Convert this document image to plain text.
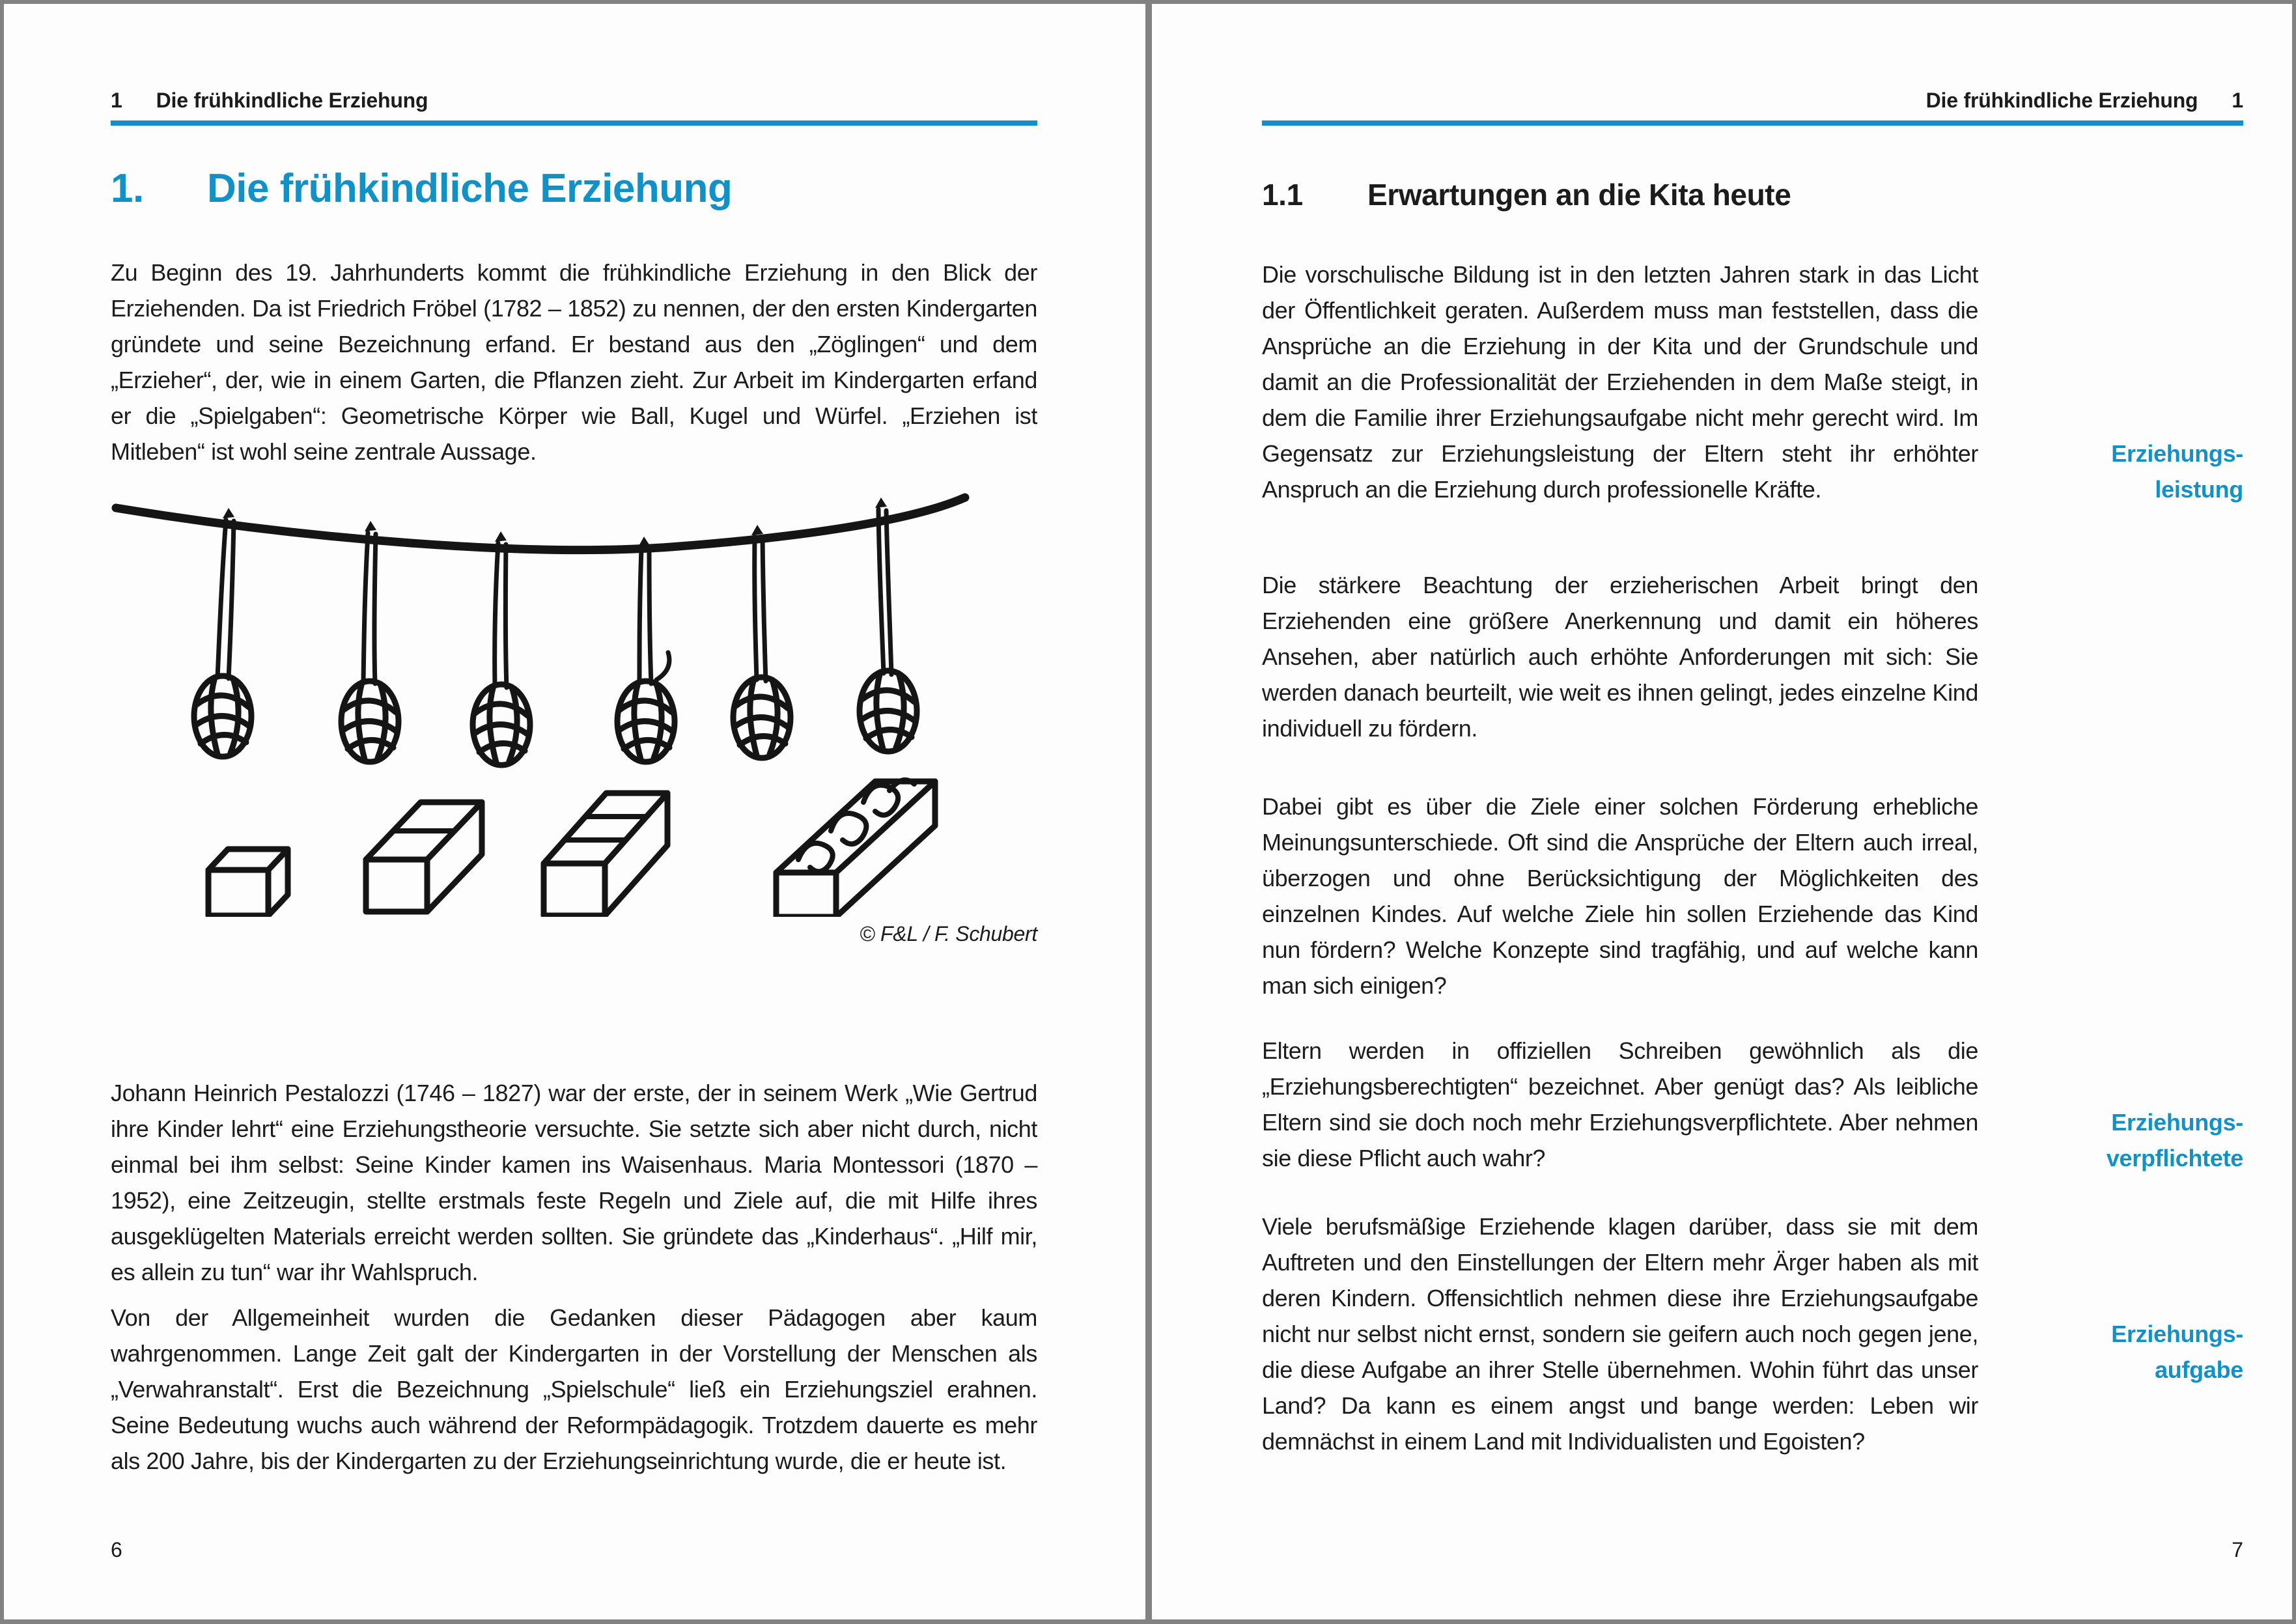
1 Die frühkindliche Erziehung
1.	Die frühkindliche Erziehung

Zu Beginn des 19. Jahrhunderts kommt die frühkindliche Erziehung in den Blick der Erziehenden. Da ist Friedrich Fröbel (1782 – 1852) zu nennen, der den ersten Kindergarten gründete und seine Bezeichnung erfand. Er bestand aus den „Zöglingen“ und dem „Erzieher“, der, wie in einem Garten, die Pflanzen zieht. Zur Arbeit im Kindergarten erfand er die „Spielgaben“: Geometrische Körper wie Ball, Kugel und Würfel. „Erziehen ist Mitleben“ ist wohl seine zentrale Aussage.

© F&L / F. Schubert

Johann Heinrich Pestalozzi (1746 – 1827) war der erste, der in seinem Werk „Wie Gertrud ihre Kinder lehrt“ eine Erziehungstheorie versuchte. Sie setzte sich aber nicht durch, nicht einmal bei ihm selbst: Seine Kinder kamen ins Waisenhaus. Maria Montessori (1870 – 1952), eine Zeitzeugin, stellte erstmals feste Regeln und Ziele auf, die mit Hilfe ihres ausgeklügelten Materials erreicht werden sollten. Sie gründete das „Kinderhaus“. „Hilf mir, es allein zu tun“ war ihr Wahlspruch.

Von der Allgemeinheit wurden die Gedanken dieser Pädagogen aber kaum wahrgenommen. Lange Zeit galt der Kindergarten in der Vorstellung der Menschen als „Verwahranstalt“. Erst die Bezeichnung „Spielschule“ ließ ein Erziehungsziel erahnen. Seine Bedeutung wuchs auch während der Reformpädagogik. Trotzdem dauerte es mehr als 200 Jahre, bis der Kindergarten zu der Erziehungseinrichtung wurde, die er heute ist.

6
Die frühkindliche Erziehung 1
1.1	Erwartungen an die Kita heute

Die vorschulische Bildung ist in den letzten Jahren stark in das Licht der Öffentlichkeit geraten. Außerdem muss man feststellen, dass die Ansprüche an die Erziehung in der Kita und der Grundschule und damit an die Professionalität der Erziehenden in dem Maße steigt, in dem die Familie ihrer Erziehungsaufgabe nicht mehr gerecht wird. Im Gegensatz zur Erziehungsleistung der Eltern steht ihr erhöhter Anspruch an die Erziehung durch professionelle Kräfte.

Erziehungs-
leistung

Die stärkere Beachtung der erzieherischen Arbeit bringt den Erziehenden eine größere Anerkennung und damit ein höheres Ansehen, aber natürlich auch erhöhte Anforderungen mit sich: Sie werden danach beurteilt, wie weit es ihnen gelingt, jedes einzelne Kind individuell zu fördern.

Dabei gibt es über die Ziele einer solchen Förderung erhebliche Meinungsunterschiede. Oft sind die Ansprüche der Eltern auch irreal, überzogen und ohne Berücksichtigung der Möglichkeiten des einzelnen Kindes. Auf welche Ziele hin sollen Erziehende das Kind nun fördern? Welche Konzepte sind tragfähig, und auf welche kann man sich einigen?

Eltern werden in offiziellen Schreiben gewöhnlich als die „Erziehungsberechtigten“ bezeichnet. Aber genügt das? Als leibliche Eltern sind sie doch noch mehr Erziehungsverpflichtete. Aber nehmen sie diese Pflicht auch wahr?

Erziehungs-
verpflichtete

Viele berufsmäßige Erziehende klagen darüber, dass sie mit dem Auftreten und den Einstellungen der Eltern mehr Ärger haben als mit deren Kindern. Offensichtlich nehmen diese ihre Erziehungsaufgabe nicht nur selbst nicht ernst, sondern sie geifern auch noch gegen jene, die diese Aufgabe an ihrer Stelle übernehmen. Wohin führt das unser Land? Da kann es einem angst und bange werden: Leben wir demnächst in einem Land mit Individualisten und Egoisten?

Erziehungs-
aufgabe
7
